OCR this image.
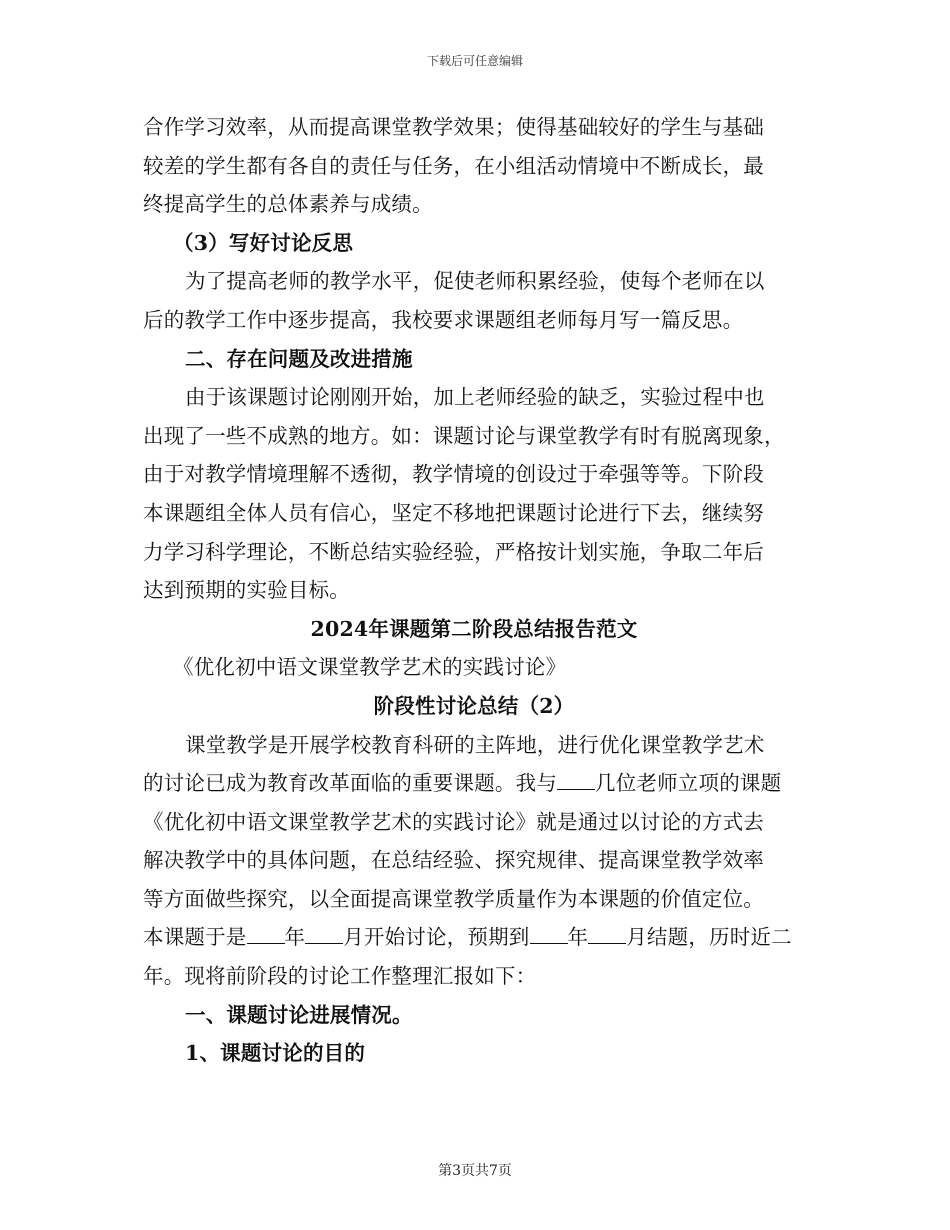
下载后可任意编辑
合作学习效率，从而提高课堂教学效果；使得基础较好的学生与基础
较差的学生都有各自的责任与任务，在小组活动情境中不断成长，最
终提高学生的总体素养与成绩。
（3）写好讨论反思
为了提高老师的教学水平，促使老师积累经验，使每个老师在以
后的教学工作中逐步提高，我校要求课题组老师每月写一篇反思。
二、存在问题及改进措施
由于该课题讨论刚刚开始，加上老师经验的缺乏，实验过程中也
出现了一些不成熟的地方。如：课题讨论与课堂教学有时有脱离现象，
由于对教学情境理解不透彻，教学情境的创设过于牵强等等。下阶段
本课题组全体人员有信心，坚定不移地把课题讨论进行下去，继续努
力学习科学理论，不断总结实验经验，严格按计划实施，争取二年后
达到预期的实验目标。
2024年课题第二阶段总结报告范文
《优化初中语文课堂教学艺术的实践讨论》
阶段性讨论总结（2）
课堂教学是开展学校教育科研的主阵地，进行优化课堂教学艺术
的讨论已成为教育改革面临的重要课题。我与 几位老师立项的课题
《优化初中语文课堂教学艺术的实践讨论》就是通过以讨论的方式去
解决教学中的具体问题，在总结经验、探究规律、提高课堂教学效率
等方面做些探究，以全面提高课堂教学质量作为本课题的价值定位。
本课题于是 年 月开始讨论，预期到 年 月结题，历时近二
年。现将前阶段的讨论工作整理汇报如下：
一、课题讨论进展情况。
1、课题讨论的目的
第3页共7页
